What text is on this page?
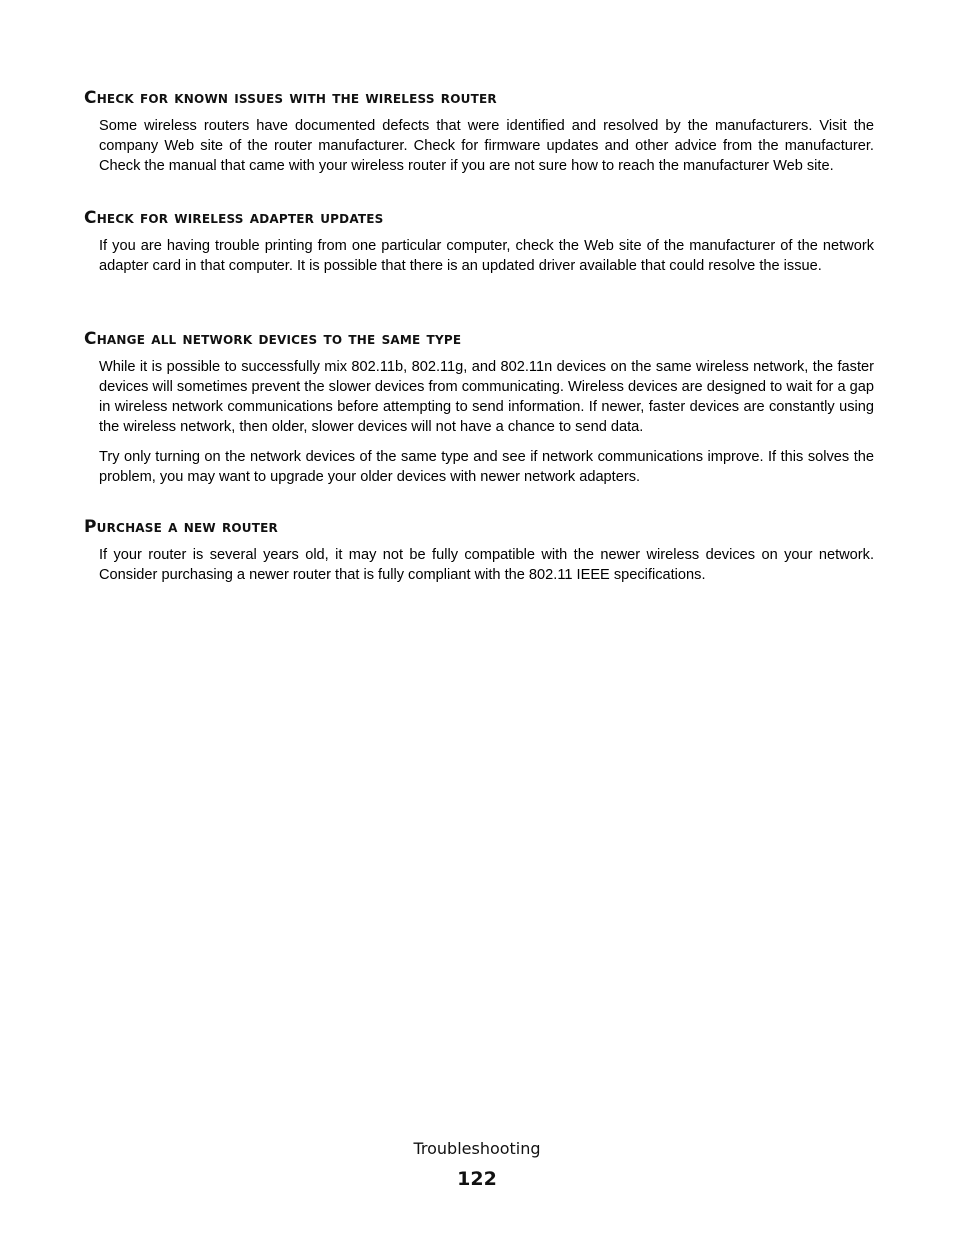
Check for known issues with the wireless router

Some wireless routers have documented defects that were identified and resolved by the manufacturers. Visit the company Web site of the router manufacturer. Check for firmware updates and other advice from the manufacturer. Check the manual that came with your wireless router if you are not sure how to reach the manufacturer Web site.

Check for wireless adapter updates

If you are having trouble printing from one particular computer, check the Web site of the manufacturer of the network adapter card in that computer. It is possible that there is an updated driver available that could resolve the issue.

Change all network devices to the same type

While it is possible to successfully mix 802.11b, 802.11g, and 802.11n devices on the same wireless network, the faster devices will sometimes prevent the slower devices from communicating. Wireless devices are designed to wait for a gap in wireless network communications before attempting to send information. If newer, faster devices are constantly using the wireless network, then older, slower devices will not have a chance to send data.

Try only turning on the network devices of the same type and see if network communications improve. If this solves the problem, you may want to upgrade your older devices with newer network adapters.

Purchase a new router

If your router is several years old, it may not be fully compatible with the newer wireless devices on your network. Consider purchasing a newer router that is fully compliant with the 802.11 IEEE specifications.

Troubleshooting
122
